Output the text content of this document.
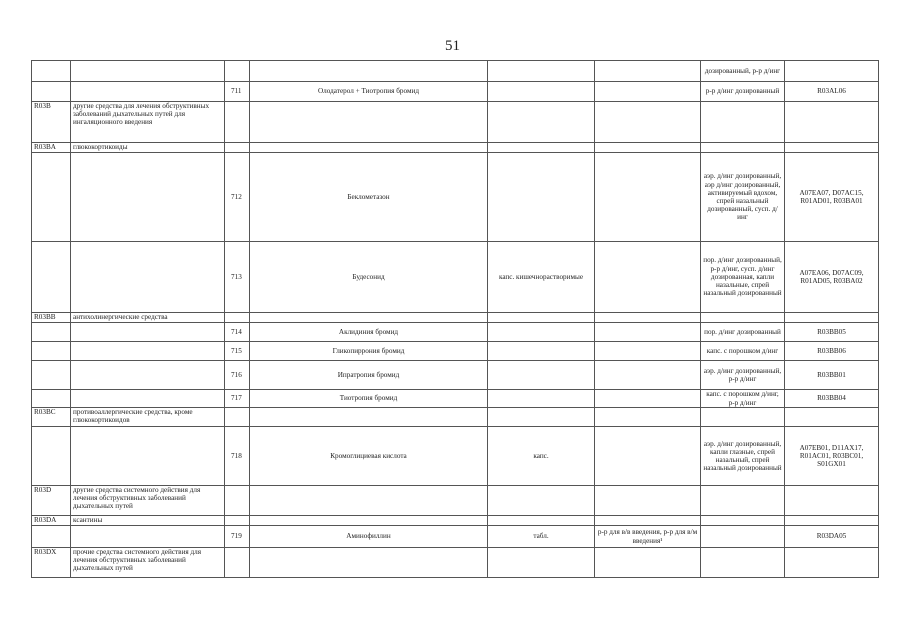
51
						дозированный, р-р д/инг	
		711	Олодатерол + Тиотропия бромид			р-р д/инг дозированный	R03AL06
R03B	другие средства для лечения обструктивных заболеваний дыхательных путей для ингаляционного введения						
R03BA	глюкокортикоиды						
		712	Беклометазон			аэр. д/инг дозированный, аэр д/инг дозированный, активируемый вдохом, спрей назальный дозированный, сусп. д/инг	A07EA07, D07AC15, R01AD01, R03BA01
		713	Будесонид	капс. кишечнорастворимые		пор. д/инг дозированный, р-р д/инг, сусп. д/инг дозированная, капли назальные, спрей назальный дозированный	A07EA06, D07AC09, R01AD05, R03BA02
R03BB	антихолинергические средства						
		714	Аклидиния бромид			пор. д/инг дозированный	R03BB05
		715	Гликопиррония бромид			капс. с порошком д/инг	R03BB06
		716	Ипратропия бромид			аэр. д/инг дозированный, р-р д/инг	R03BB01
		717	Тиотропия бромид			капс. с порошком д/инг, р-р д/инг	R03BB04
R03BC	противоаллергические средства, кроме глюкокортикоидов						
		718	Кромоглициевая кислота	капс.		аэр. д/инг дозированный, капли глазные, спрей назальный, спрей назальный дозированный	A07EB01, D11AX17, R01AC01, R03BC01, S01GX01
R03D	другие средства системного действия для лечения обструктивных заболеваний дыхательных путей						
R03DA	ксантины						
		719	Аминофиллин	табл.	р-р для в/в введения, р-р для в/м введения¹		R03DA05
R03DX	прочие средства системного действия для лечения обструктивных заболеваний дыхательных путей						
